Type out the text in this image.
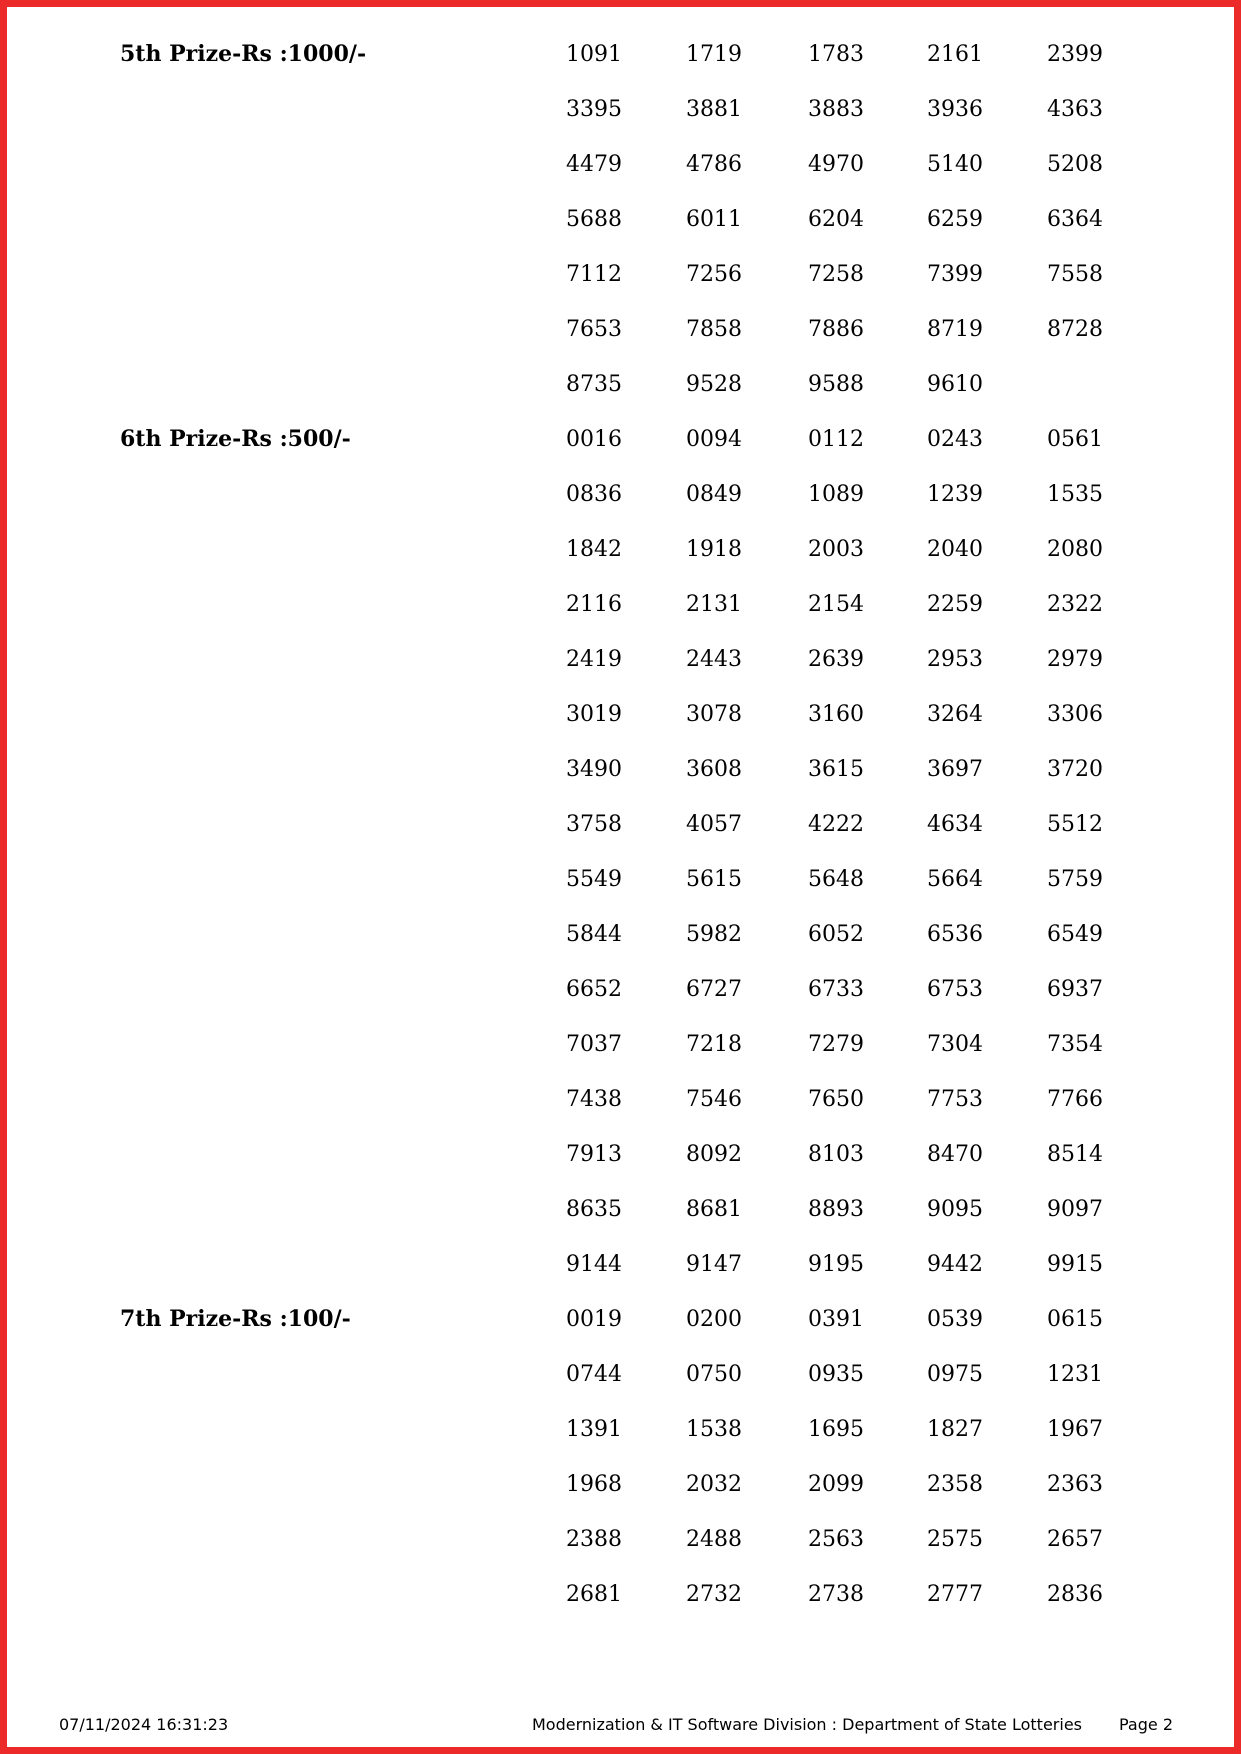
5th Prize-Rs :1000/-	1091	1719	1783	2161	2399
3395	3881	3883	3936	4363
4479	4786	4970	5140	5208
5688	6011	6204	6259	6364
7112	7256	7258	7399	7558
7653	7858	7886	8719	8728
8735	9528	9588	9610
6th Prize-Rs :500/-	0016	0094	0112	0243	0561
0836	0849	1089	1239	1535
1842	1918	2003	2040	2080
2116	2131	2154	2259	2322
2419	2443	2639	2953	2979
3019	3078	3160	3264	3306
3490	3608	3615	3697	3720
3758	4057	4222	4634	5512
5549	5615	5648	5664	5759
5844	5982	6052	6536	6549
6652	6727	6733	6753	6937
7037	7218	7279	7304	7354
7438	7546	7650	7753	7766
7913	8092	8103	8470	8514
8635	8681	8893	9095	9097
9144	9147	9195	9442	9915
7th Prize-Rs :100/-	0019	0200	0391	0539	0615
0744	0750	0935	0975	1231
1391	1538	1695	1827	1967
1968	2032	2099	2358	2363
2388	2488	2563	2575	2657
2681	2732	2738	2777	2836
07/11/2024 16:31:23	Modernization & IT Software Division : Department of State Lotteries Page 2
